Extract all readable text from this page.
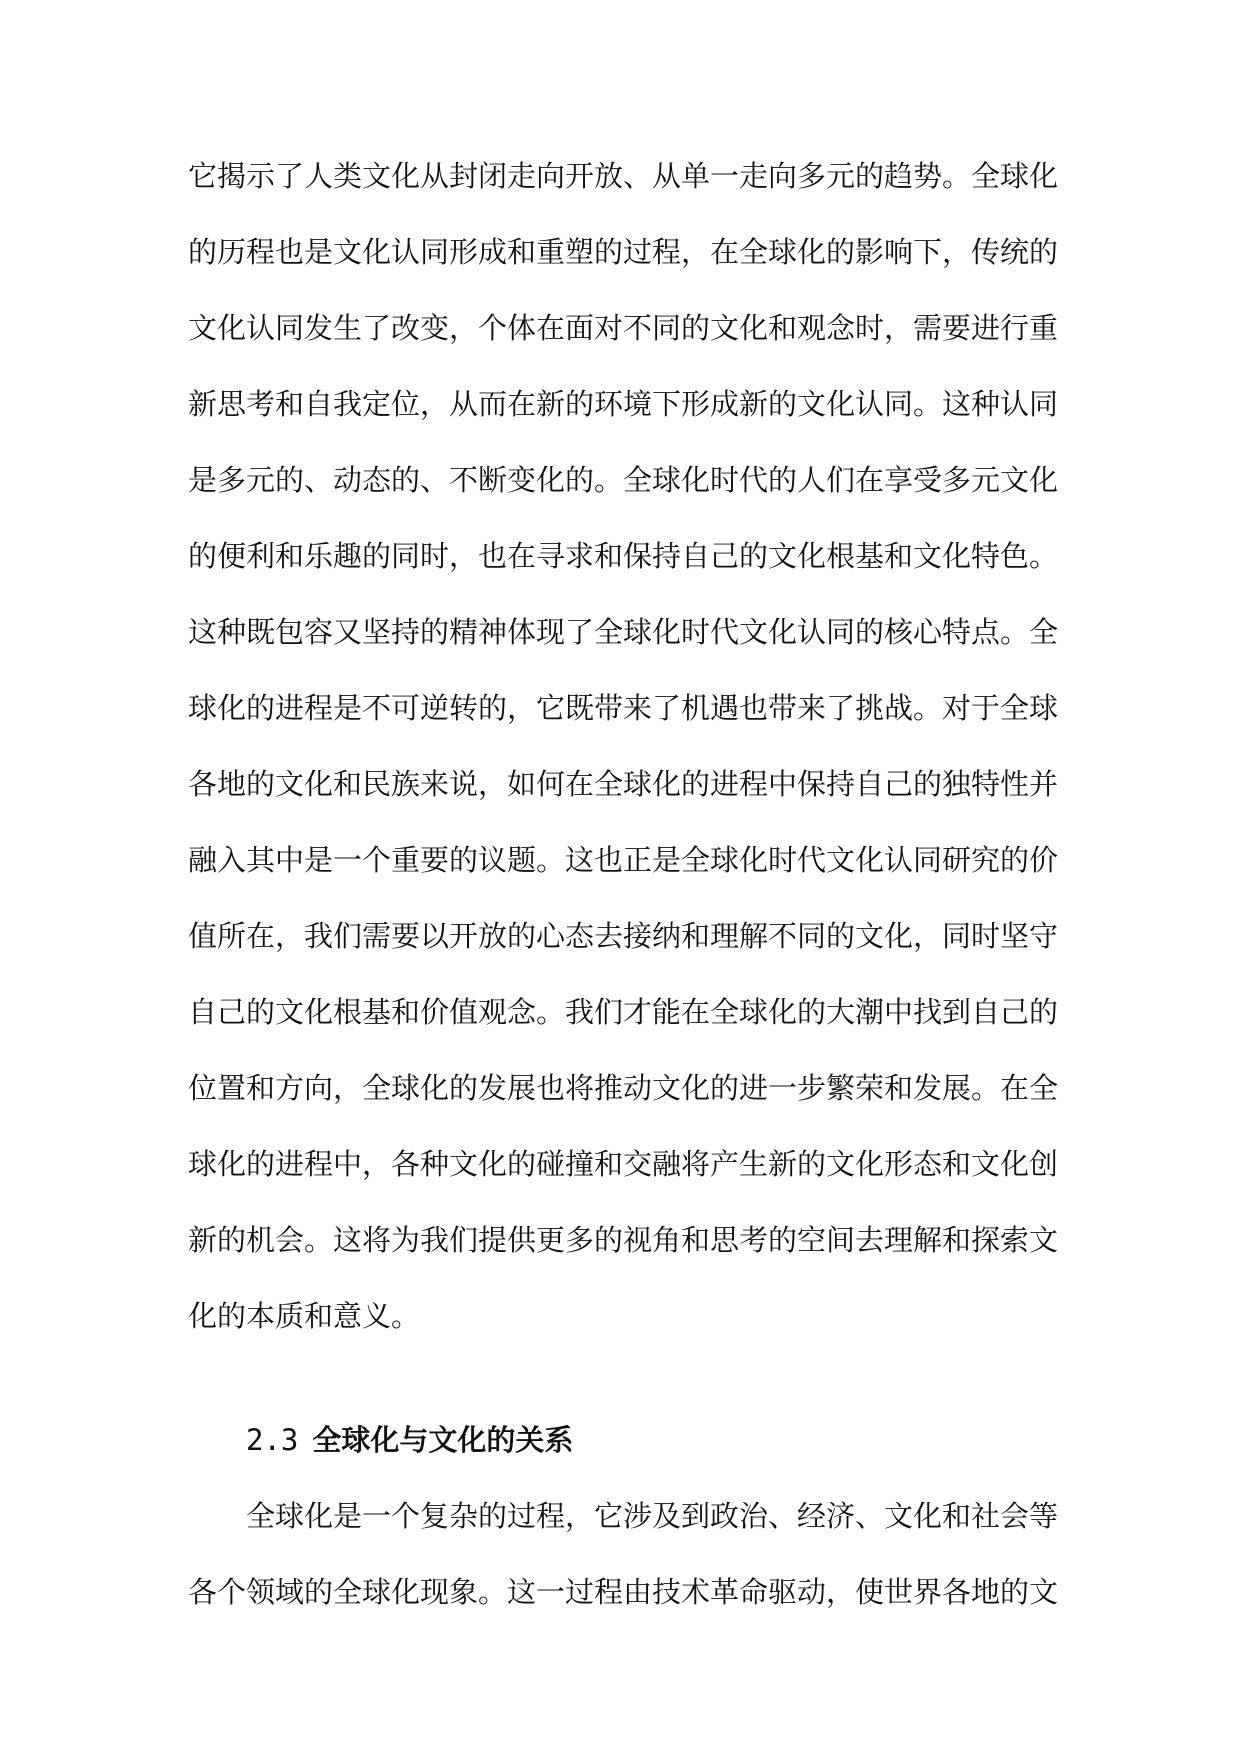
它揭示了人类文化从封闭走向开放、从单一走向多元的趋势。全球化
的历程也是文化认同形成和重塑的过程，在全球化的影响下，传统的
文化认同发生了改变，个体在面对不同的文化和观念时，需要进行重
新思考和自我定位，从而在新的环境下形成新的文化认同。这种认同
是多元的、动态的、不断变化的。全球化时代的人们在享受多元文化
的便利和乐趣的同时，也在寻求和保持自己的文化根基和文化特色。
这种既包容又坚持的精神体现了全球化时代文化认同的核心特点。全
球化的进程是不可逆转的，它既带来了机遇也带来了挑战。对于全球
各地的文化和民族来说，如何在全球化的进程中保持自己的独特性并
融入其中是一个重要的议题。这也正是全球化时代文化认同研究的价
值所在，我们需要以开放的心态去接纳和理解不同的文化，同时坚守
自己的文化根基和价值观念。我们才能在全球化的大潮中找到自己的
位置和方向，全球化的发展也将推动文化的进一步繁荣和发展。在全
球化的进程中，各种文化的碰撞和交融将产生新的文化形态和文化创
新的机会。这将为我们提供更多的视角和思考的空间去理解和探索文
化的本质和意义。
2.3 全球化与文化的关系
全球化是一个复杂的过程，它涉及到政治、经济、文化和社会等
各个领域的全球化现象。这一过程由技术革命驱动，使世界各地的文
